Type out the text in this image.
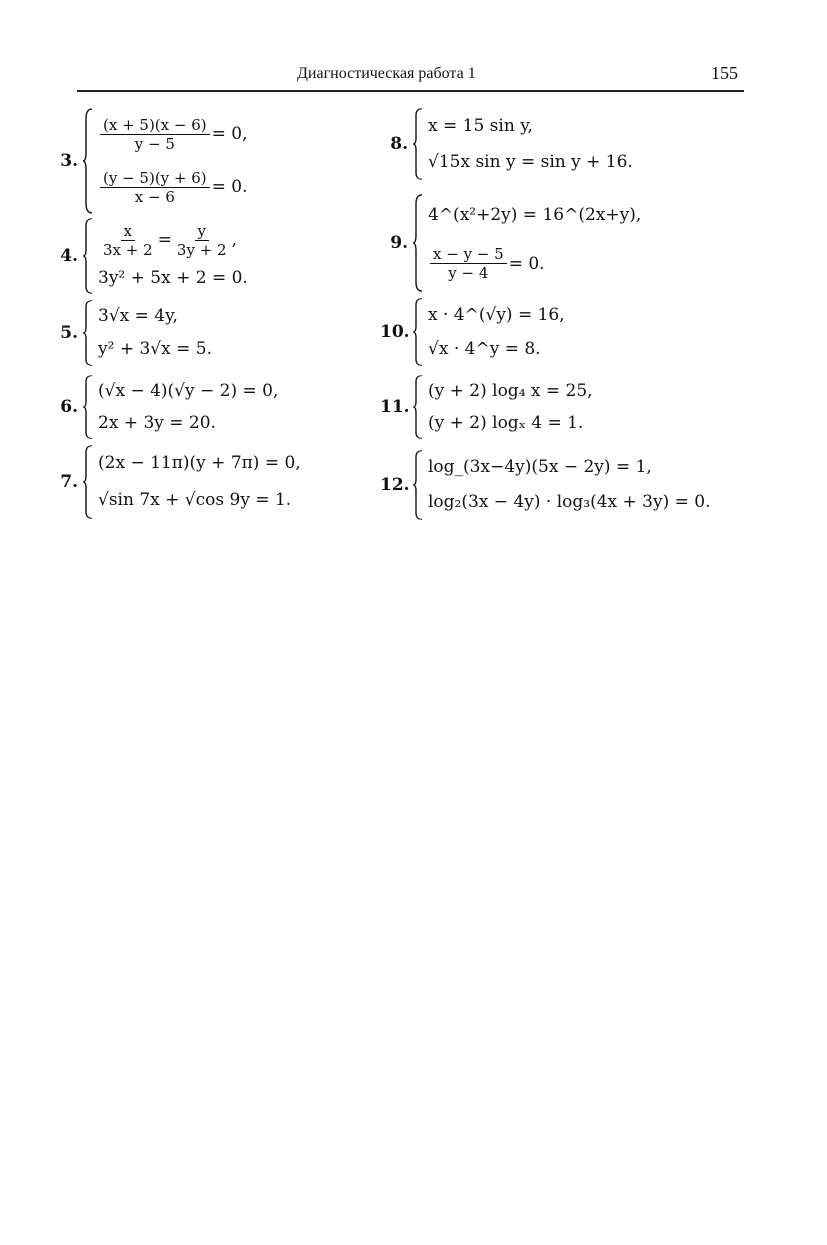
Диагностическая работа 1	155
3.
$\frac{(x + 5)(x - 6)}{y - 5} = 0$,
$\frac{(y - 5)(y + 6)}{x - 6} = 0$.
4. $\frac{x}{3x + 2} = \frac{y}{3y + 2}$ ,
3y² + 5x + 2 = 0.
5.
3√x = 4y,
y² + 3√x = 5.
6.
(√x − 4)(√y − 2) = 0,
2x + 3y = 20.
7.
(2x − 11π)(y + 7π) = 0,
√sin 7x + √cos 9y = 1.
8.
x = 15 sin y,
√15x sin y = sin y + 16.
9.
4^(x²+2y) = 16^(2x+y),
$\frac{x - y - 5}{y - 4} = 0$.
10.
x · 4^(√y) = 16,
√x · 4^y = 8.
11.
(y + 2) log₄ x = 25,
(y + 2) logₓ 4 = 1.
12.
log_(3x−4y)(5x − 2y) = 1,
log₂(3x − 4y) · log₃(4x + 3y) = 0.
